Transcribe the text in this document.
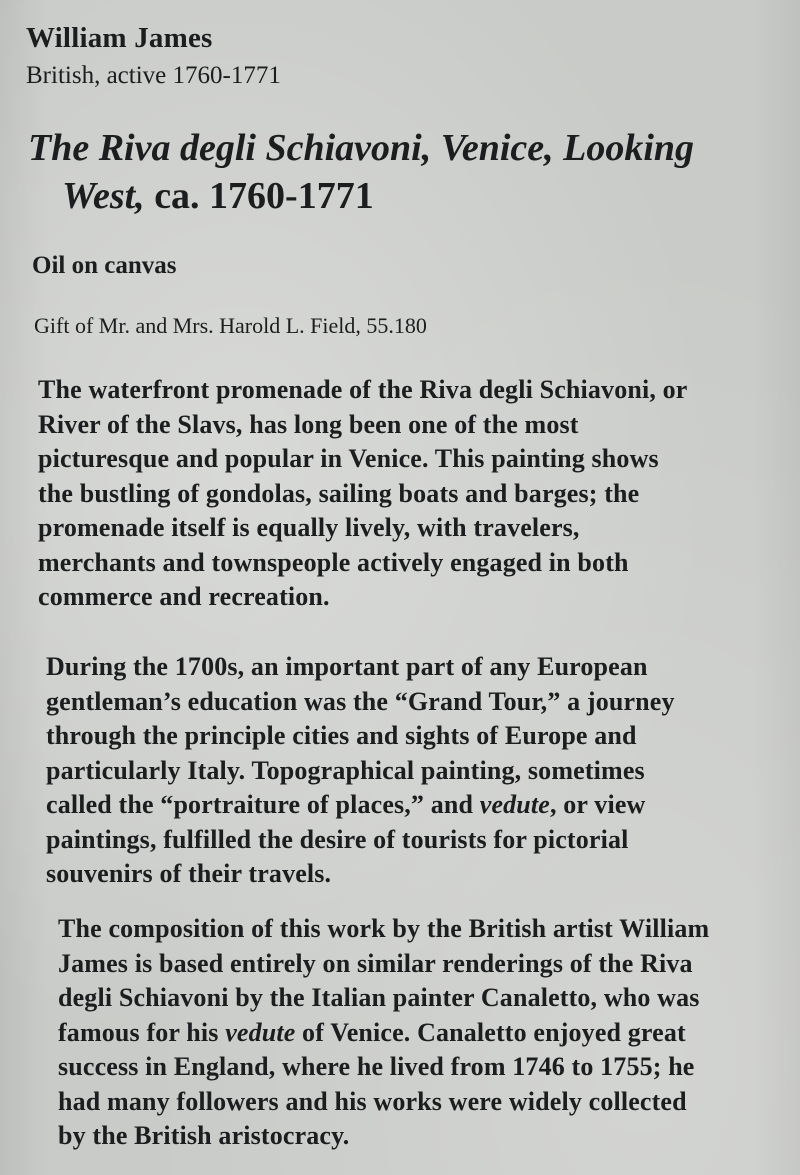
William James

British, active 1760-1771

The Riva degli Schiavoni, Venice, Looking
West, ca. 1760-1771

Oil on canvas

Gift of Mr. and Mrs. Harold L. Field, 55.180

The waterfront promenade of the Riva degli Schiavoni, or
River of the Slavs, has long been one of the most
picturesque and popular in Venice. This painting shows
the bustling of gondolas, sailing boats and barges; the
promenade itself is equally lively, with travelers,
merchants and townspeople actively engaged in both
commerce and recreation.

During the 1700s, an important part of any European
gentleman’s education was the “Grand Tour,” a journey
through the principle cities and sights of Europe and
particularly Italy. Topographical painting, sometimes
called the “portraiture of places,” and vedute, or view
paintings, fulfilled the desire of tourists for pictorial
souvenirs of their travels.

The composition of this work by the British artist William
James is based entirely on similar renderings of the Riva
degli Schiavoni by the Italian painter Canaletto, who was
famous for his vedute of Venice. Canaletto enjoyed great
success in England, where he lived from 1746 to 1755; he
had many followers and his works were widely collected
by the British aristocracy.
